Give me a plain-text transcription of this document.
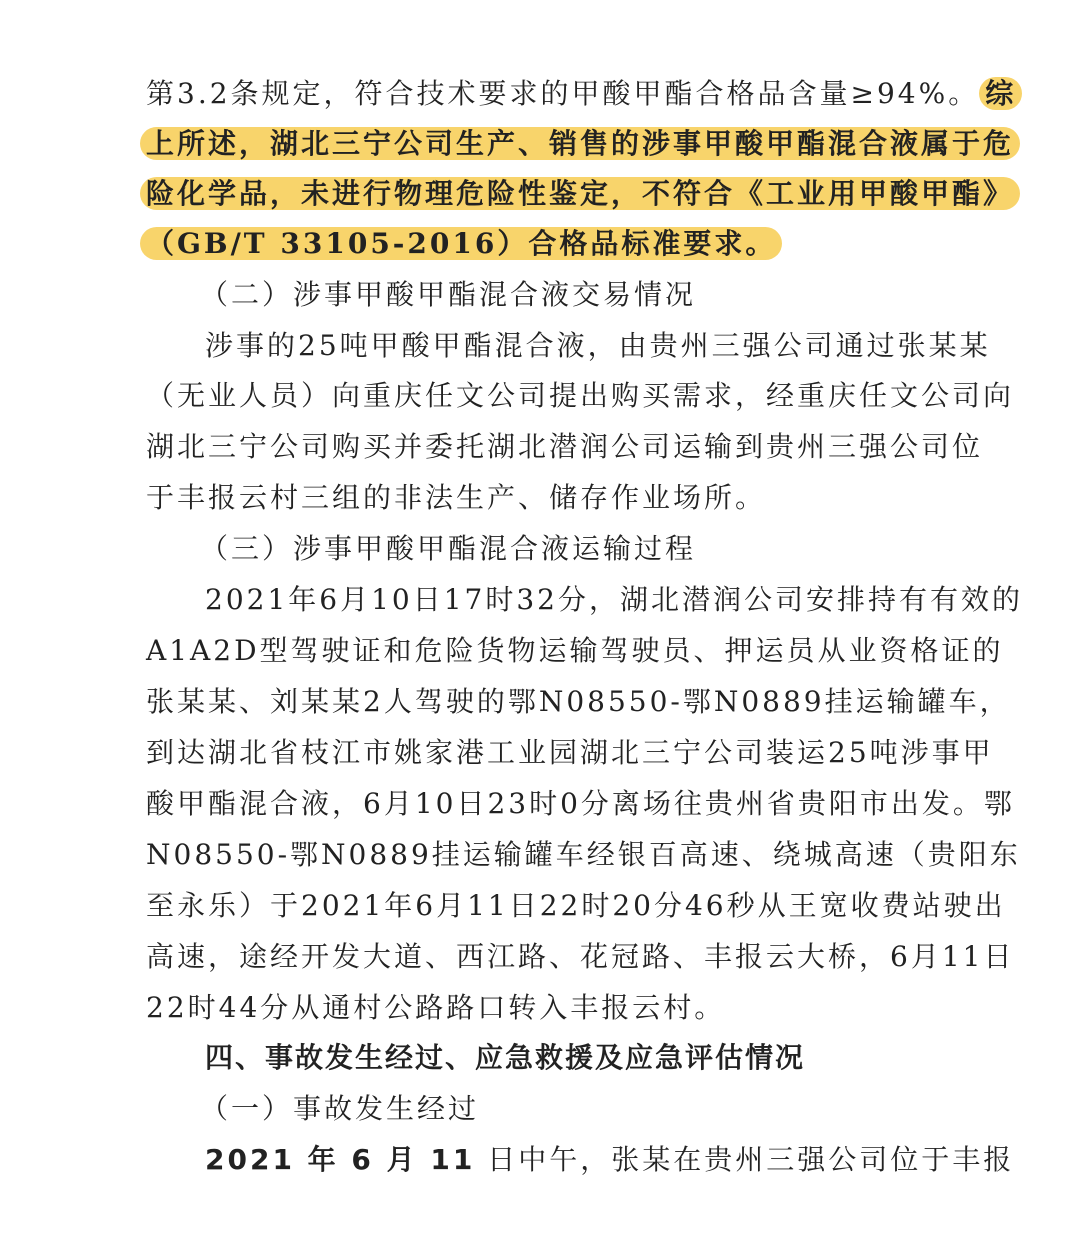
第3.2条规定，符合技术要求的甲酸甲酯合格品含量≥94%。 综
上所述，湖北三宁公司生产、销售的涉事甲酸甲酯混合液属于危
险化学品，未进行物理危险性鉴定，不符合《工业用甲酸甲酯》
（GB/T 33105-2016）合格品标准要求。
（二）涉事甲酸甲酯混合液交易情况
涉事的25吨甲酸甲酯混合液，由贵州三强公司通过张某某
（无业人员）向重庆任文公司提出购买需求，经重庆任文公司向
湖北三宁公司购买并委托湖北潜润公司运输到贵州三强公司位
于丰报云村三组的非法生产、储存作业场所。
（三）涉事甲酸甲酯混合液运输过程
2021年6月10日17时32分，湖北潜润公司安排持有有效的
A1A2D型驾驶证和危险货物运输驾驶员、押运员从业资格证的
张某某、刘某某2人驾驶的鄂N08550-鄂N0889挂运输罐车，
到达湖北省枝江市姚家港工业园湖北三宁公司装运25吨涉事甲
酸甲酯混合液，6月10日23时0分离场往贵州省贵阳市出发。鄂
N08550-鄂N0889挂运输罐车经银百高速、绕城高速（贵阳东
至永乐）于2021年6月11日22时20分46秒从王宽收费站驶出
高速，途经开发大道、西江路、花冠路、丰报云大桥，6月11日
22时44分从通村公路路口转入丰报云村。
四、事故发生经过、应急救援及应急评估情况
（一）事故发生经过
2021 年 6 月 11 日中午，张某在贵州三强公司位于丰报
